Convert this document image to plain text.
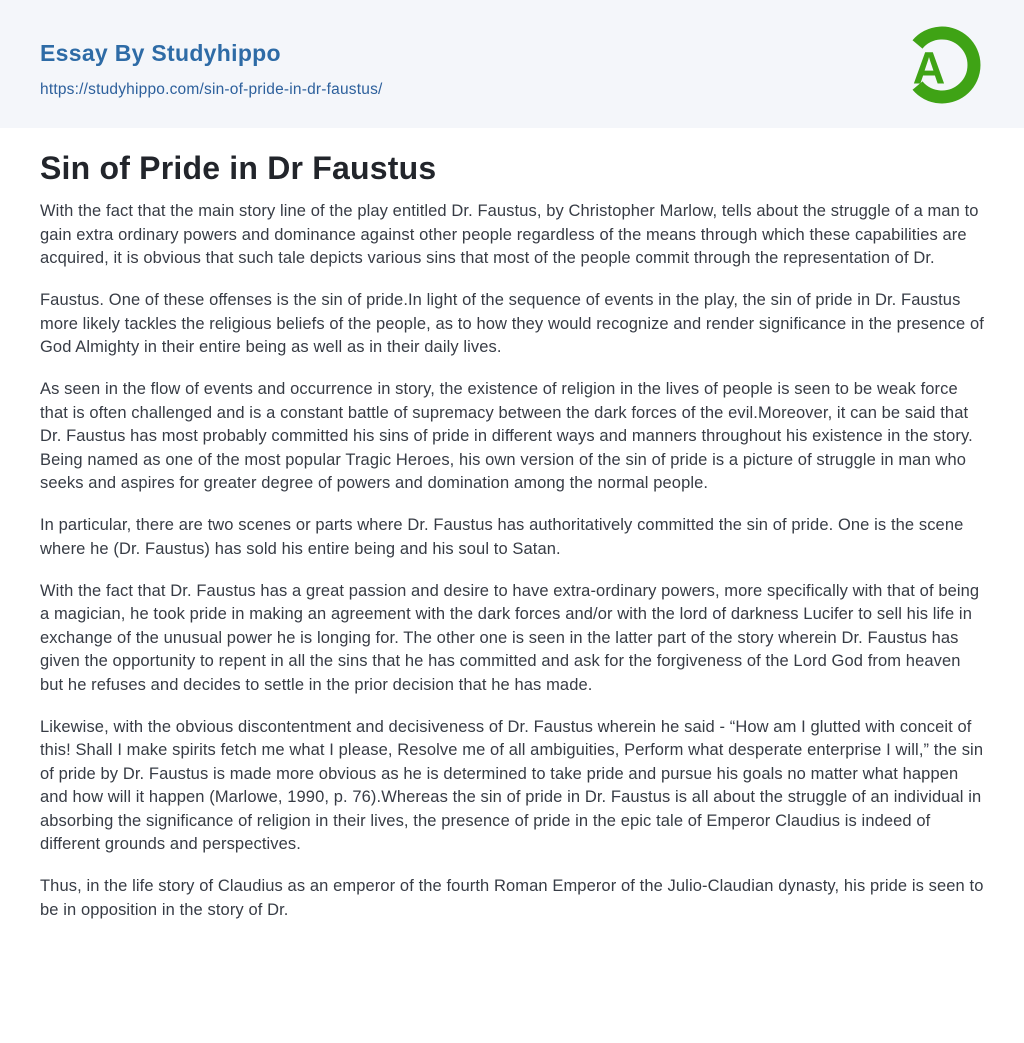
Essay By Studyhippo
https://studyhippo.com/sin-of-pride-in-dr-faustus/	A
Sin of Pride in Dr Faustus

With the fact that the main story line of the play entitled Dr. Faustus, by Christopher Marlow, tells about the struggle of a man to gain extra ordinary powers and dominance against other people regardless of the means through which these capabilities are acquired, it is obvious that such tale depicts various sins that most of the people commit through the representation of Dr.

Faustus. One of these offenses is the sin of pride.In light of the sequence of events in the play, the sin of pride in Dr. Faustus more likely tackles the religious beliefs of the people, as to how they would recognize and render significance in the presence of God Almighty in their entire being as well as in their daily lives.

As seen in the flow of events and occurrence in story, the existence of religion in the lives of people is seen to be weak force that is often challenged and is a constant battle of supremacy between the dark forces of the evil.Moreover, it can be said that Dr. Faustus has most probably committed his sins of pride in different ways and manners throughout his existence in the story. Being named as one of the most popular Tragic Heroes, his own version of the sin of pride is a picture of struggle in man who seeks and aspires for greater degree of powers and domination among the normal people.

In particular, there are two scenes or parts where Dr. Faustus has authoritatively committed the sin of pride. One is the scene where he (Dr. Faustus) has sold his entire being and his soul to Satan.

With the fact that Dr. Faustus has a great passion and desire to have extra-ordinary powers, more specifically with that of being a magician, he took pride in making an agreement with the dark forces and/or with the lord of darkness Lucifer to sell his life in exchange of the unusual power he is longing for. The other one is seen in the latter part of the story wherein Dr. Faustus has given the opportunity to repent in all the sins that he has committed and ask for the forgiveness of the Lord God from heaven but he refuses and decides to settle in the prior decision that he has made.

Likewise, with the obvious discontentment and decisiveness of Dr. Faustus wherein he said - “How am I glutted with conceit of this! Shall I make spirits fetch me what I please, Resolve me of all ambiguities, Perform what desperate enterprise I will,” the sin of pride by Dr. Faustus is made more obvious as he is determined to take pride and pursue his goals no matter what happen and how will it happen (Marlowe, 1990, p. 76).Whereas the sin of pride in Dr. Faustus is all about the struggle of an individual in absorbing the significance of religion in their lives, the presence of pride in the epic tale of Emperor Claudius is indeed of different grounds and perspectives.

Thus, in the life story of Claudius as an emperor of the fourth Roman Emperor of the Julio-Claudian dynasty, his pride is seen to be in opposition in the story of Dr.
